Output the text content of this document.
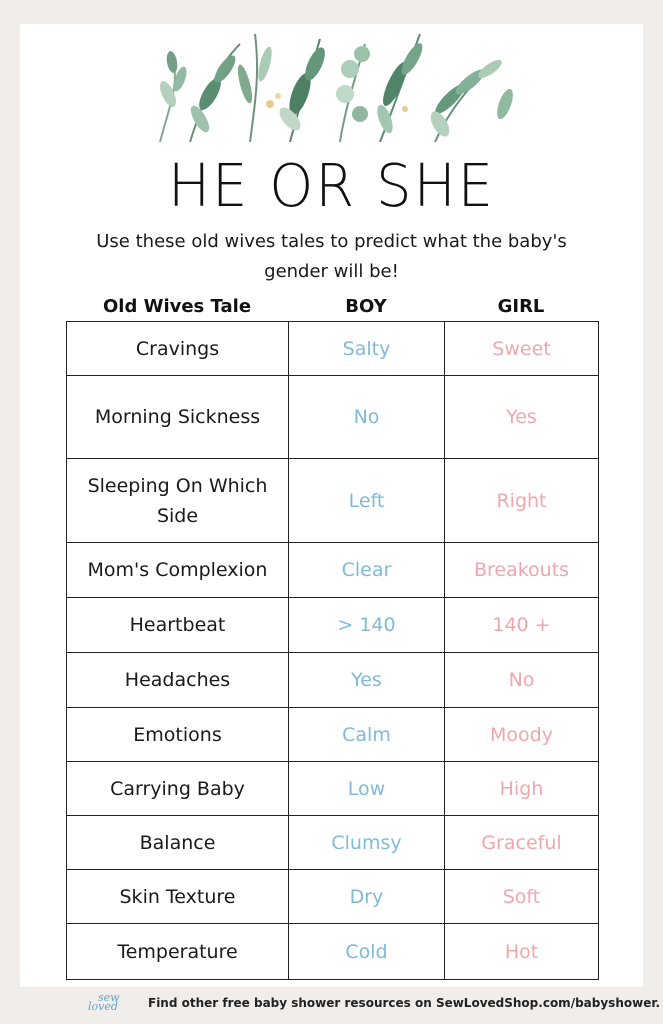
HE OR SHE
Use these old wives tales to predict what the baby's gender will be!
Old Wives Tale	BOY	GIRL
Cravings	Salty	Sweet
Morning Sickness	No	Yes
Sleeping On Which Side	Left	Right
Mom's Complexion	Clear	Breakouts
Heartbeat	> 140	140 +
Headaches	Yes	No
Emotions	Calm	Moody
Carrying Baby	Low	High
Balance	Clumsy	Graceful
Skin Texture	Dry	Soft
Temperature	Cold	Hot
sew
loved	Find other free baby shower resources on SewLovedShop.com/babyshower.
